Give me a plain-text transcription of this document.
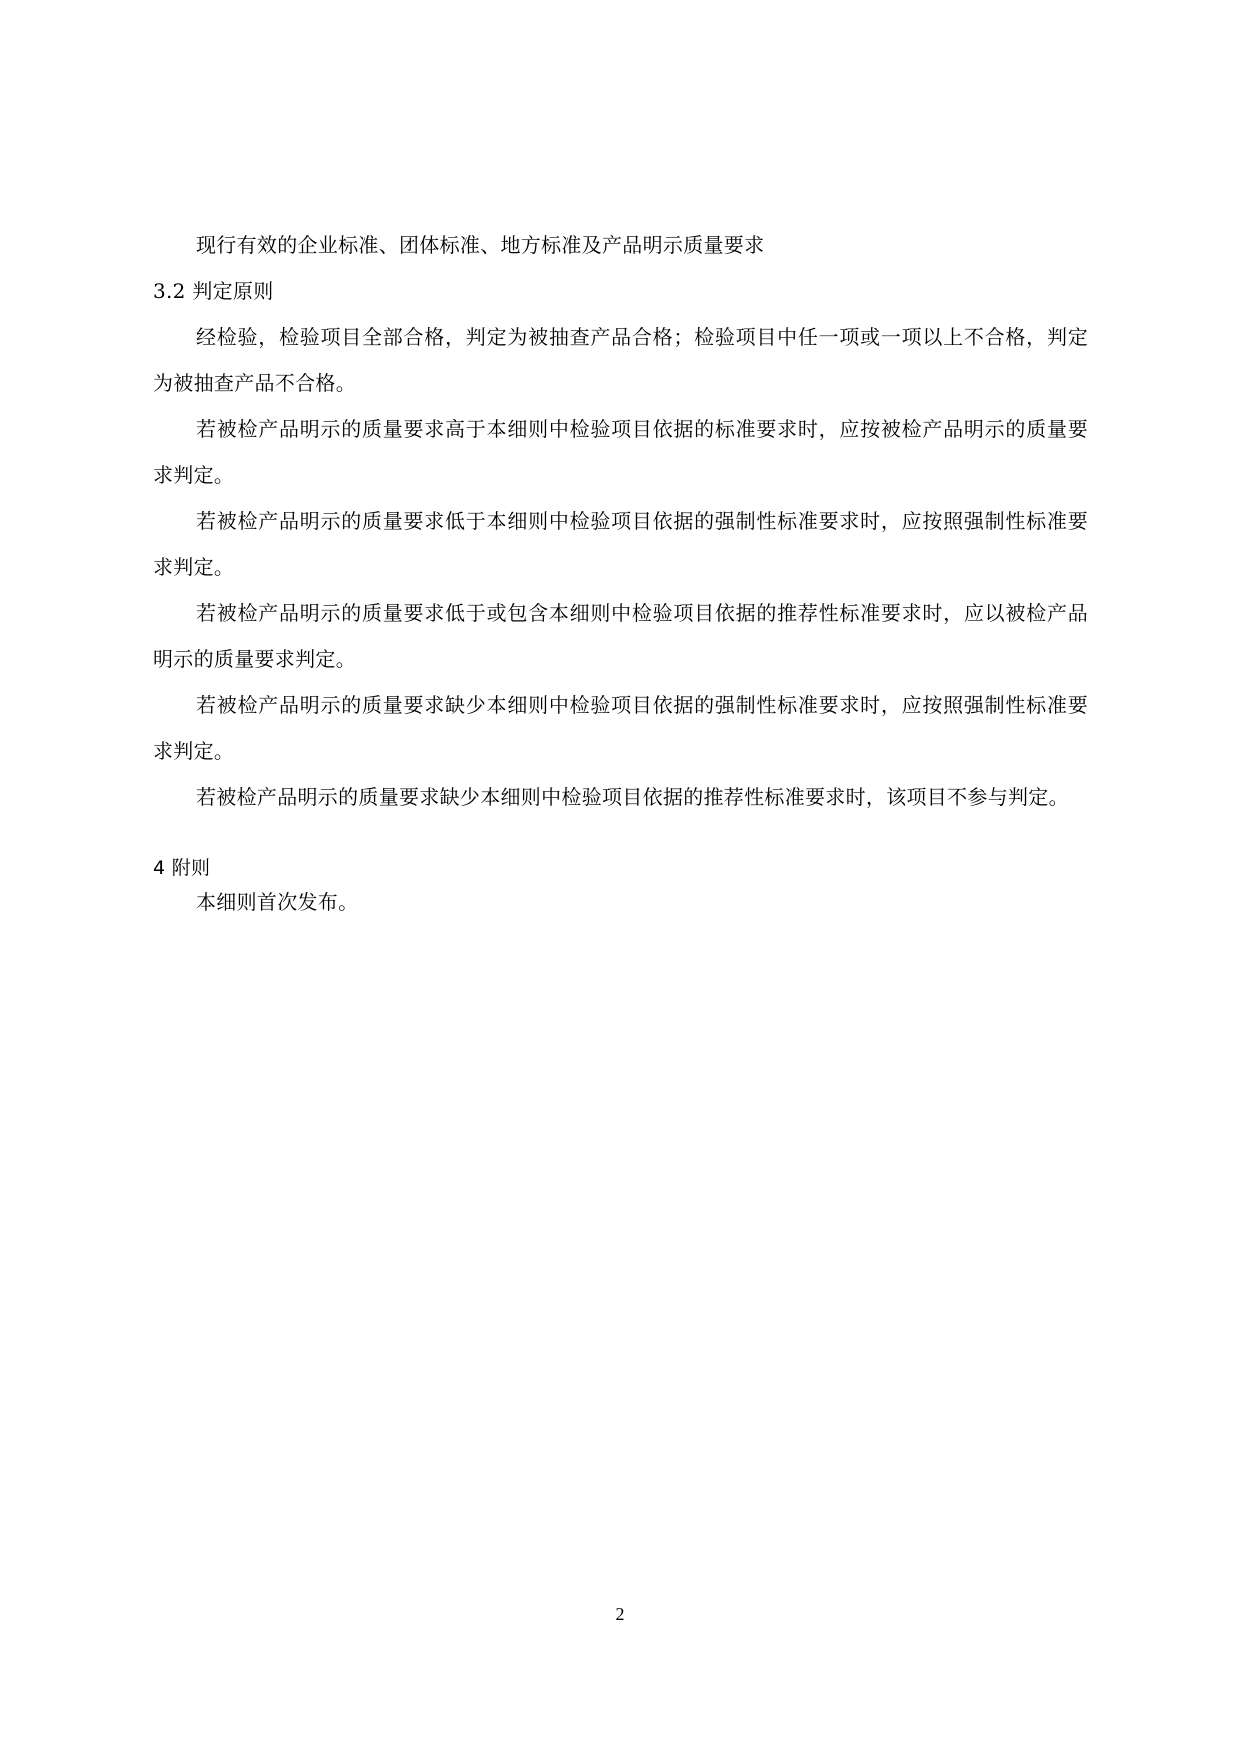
现行有效的企业标准、团体标准、地方标准及产品明示质量要求

3.2 判定原则

经检验，检验项目全部合格，判定为被抽查产品合格；检验项目中任一项或一项以上不合格，判定为被抽查产品不合格。

若被检产品明示的质量要求高于本细则中检验项目依据的标准要求时，应按被检产品明示的质量要求判定。

若被检产品明示的质量要求低于本细则中检验项目依据的强制性标准要求时，应按照强制性标准要求判定。

若被检产品明示的质量要求低于或包含本细则中检验项目依据的推荐性标准要求时，应以被检产品明示的质量要求判定。

若被检产品明示的质量要求缺少本细则中检验项目依据的强制性标准要求时，应按照强制性标准要求判定。

若被检产品明示的质量要求缺少本细则中检验项目依据的推荐性标准要求时，该项目不参与判定。

4 附则

本细则首次发布。

2
